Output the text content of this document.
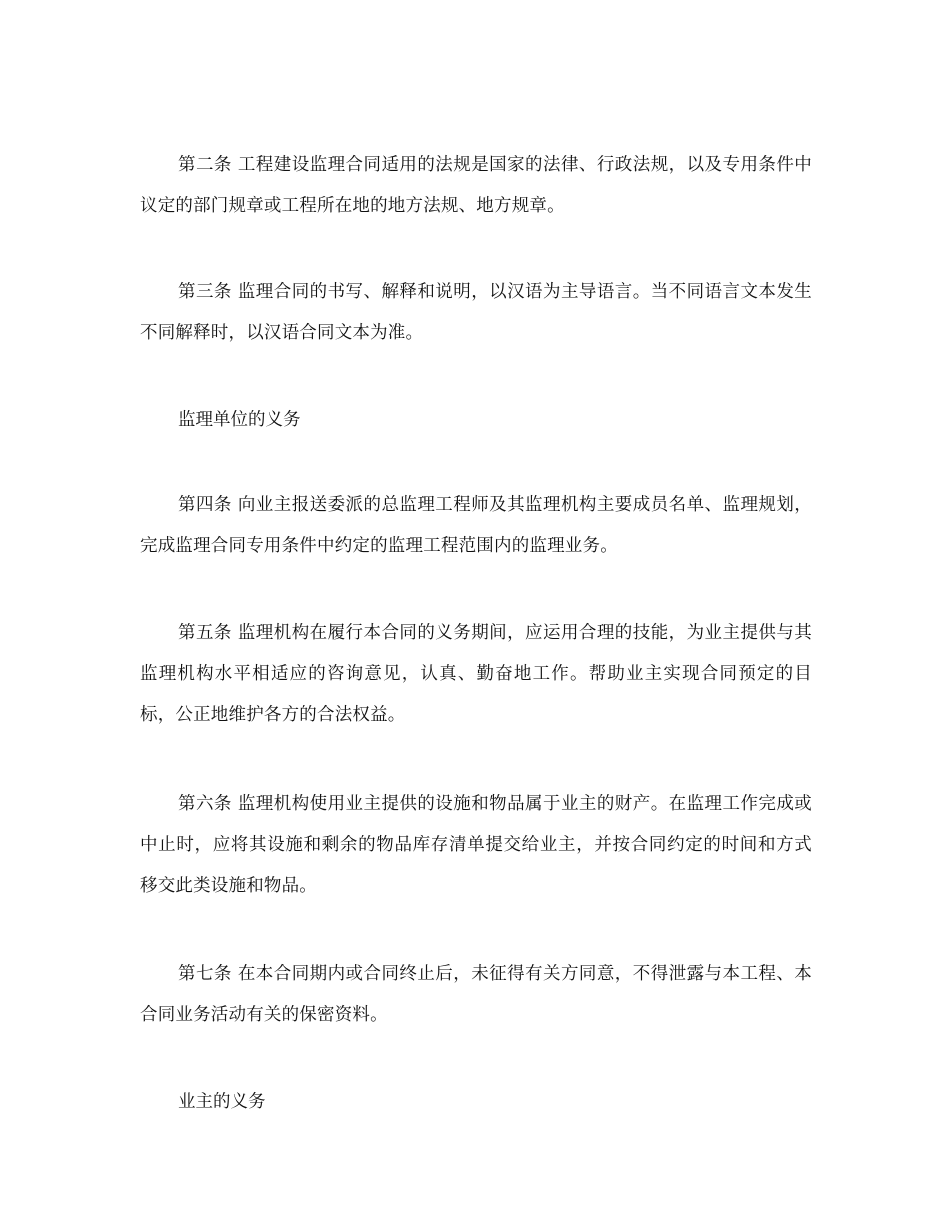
第二条 工程建设监理合同适用的法规是国家的法律、行政法规，以及专用条件中议定的部门规章或工程所在地的地方法规、地方规章。

第三条 监理合同的书写、解释和说明，以汉语为主导语言。当不同语言文本发生不同解释时，以汉语合同文本为准。

监理单位的义务

第四条 向业主报送委派的总监理工程师及其监理机构主要成员名单、监理规划，完成监理合同专用条件中约定的监理工程范围内的监理业务。

第五条 监理机构在履行本合同的义务期间，应运用合理的技能，为业主提供与其监理机构水平相适应的咨询意见，认真、勤奋地工作。帮助业主实现合同预定的目标，公正地维护各方的合法权益。

第六条 监理机构使用业主提供的设施和物品属于业主的财产。在监理工作完成或中止时，应将其设施和剩余的物品库存清单提交给业主，并按合同约定的时间和方式移交此类设施和物品。

第七条 在本合同期内或合同终止后，未征得有关方同意，不得泄露与本工程、本合同业务活动有关的保密资料。

业主的义务
